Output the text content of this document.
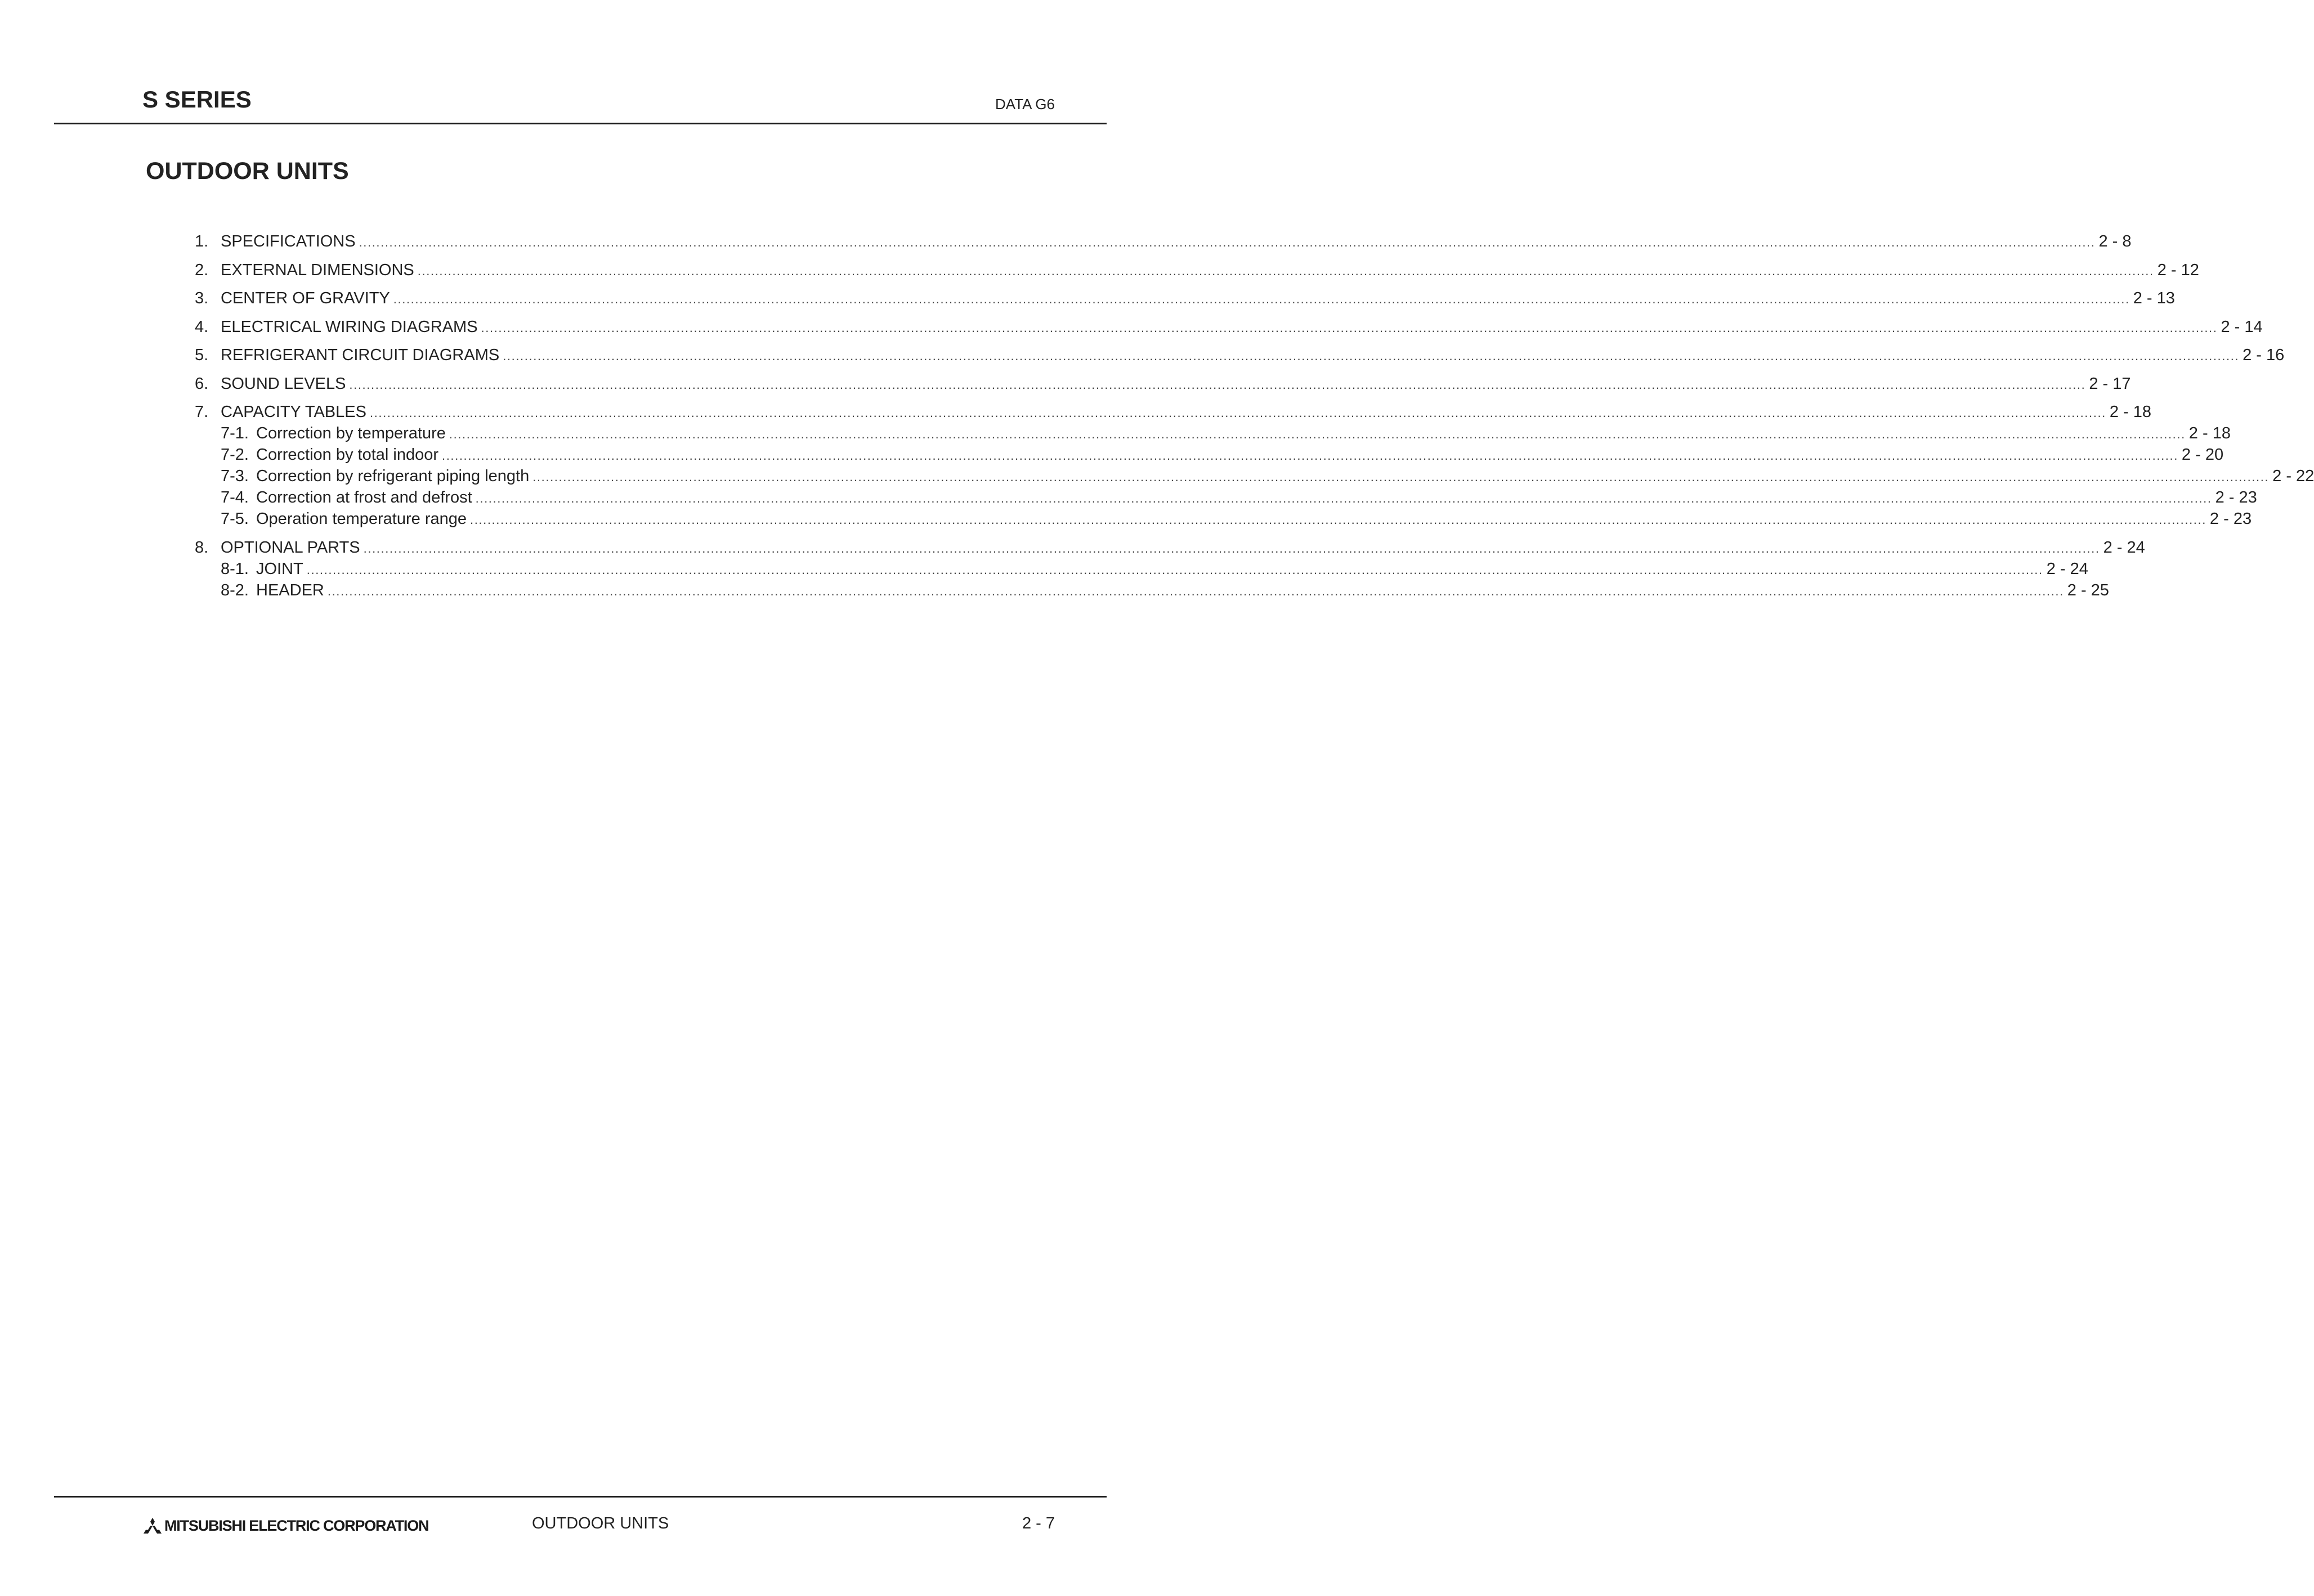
S SERIES	DATA G6
OUTDOOR UNITS
1. SPECIFICATIONS ................................................................................................................................................................................................................................................................................................................................................................................................................ 2 - 8
2. EXTERNAL DIMENSIONS ................................................................................................................................................................................................................................................................................................................................................................................................................ 2 - 12
3. CENTER OF GRAVITY ................................................................................................................................................................................................................................................................................................................................................................................................................ 2 - 13
4. ELECTRICAL WIRING DIAGRAMS ................................................................................................................................................................................................................................................................................................................................................................................................................ 2 - 14
5. REFRIGERANT CIRCUIT DIAGRAMS ................................................................................................................................................................................................................................................................................................................................................................................................................ 2 - 16
6. SOUND LEVELS ................................................................................................................................................................................................................................................................................................................................................................................................................ 2 - 17
7. CAPACITY TABLES ................................................................................................................................................................................................................................................................................................................................................................................................................ 2 - 18
7-1. Correction by temperature ................................................................................................................................................................................................................................................................................................................................................................................................................ 2 - 18
7-2. Correction by total indoor ................................................................................................................................................................................................................................................................................................................................................................................................................ 2 - 20
7-3. Correction by refrigerant piping length ................................................................................................................................................................................................................................................................................................................................................................................................................ 2 - 22
7-4. Correction at frost and defrost ................................................................................................................................................................................................................................................................................................................................................................................................................ 2 - 23
7-5. Operation temperature range ................................................................................................................................................................................................................................................................................................................................................................................................................ 2 - 23
8. OPTIONAL PARTS ................................................................................................................................................................................................................................................................................................................................................................................................................ 2 - 24
8-1. JOINT ................................................................................................................................................................................................................................................................................................................................................................................................................ 2 - 24
8-2. HEADER ................................................................................................................................................................................................................................................................................................................................................................................................................ 2 - 25
MITSUBISHI ELECTRIC CORPORATION	OUTDOOR UNITS	2 - 7
